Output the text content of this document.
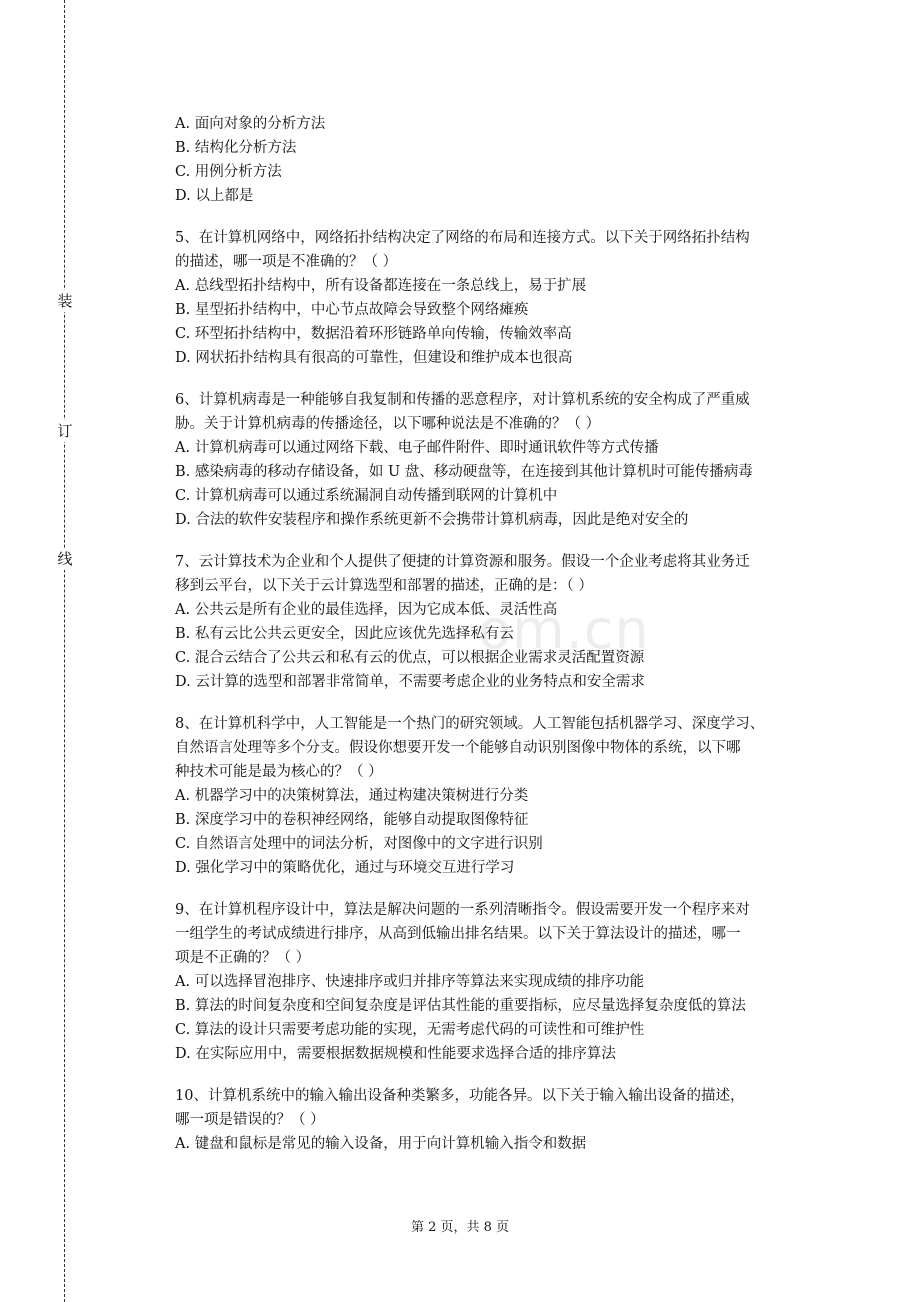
装
订
线
om.cn
A. 面向对象的分析方法
B. 结构化分析方法
C. 用例分析方法
D. 以上都是
5、在计算机网络中，网络拓扑结构决定了网络的布局和连接方式。以下关于网络拓扑结构
的描述，哪一项是不准确的？（ ）
A. 总线型拓扑结构中，所有设备都连接在一条总线上，易于扩展
B. 星型拓扑结构中，中心节点故障会导致整个网络瘫痪
C. 环型拓扑结构中，数据沿着环形链路单向传输，传输效率高
D. 网状拓扑结构具有很高的可靠性，但建设和维护成本也很高
6、计算机病毒是一种能够自我复制和传播的恶意程序，对计算机系统的安全构成了严重威
胁。关于计算机病毒的传播途径，以下哪种说法是不准确的？（ ）
A. 计算机病毒可以通过网络下载、电子邮件附件、即时通讯软件等方式传播
B. 感染病毒的移动存储设备，如 U 盘、移动硬盘等，在连接到其他计算机时可能传播病毒
C. 计算机病毒可以通过系统漏洞自动传播到联网的计算机中
D. 合法的软件安装程序和操作系统更新不会携带计算机病毒，因此是绝对安全的
7、云计算技术为企业和个人提供了便捷的计算资源和服务。假设一个企业考虑将其业务迁
移到云平台，以下关于云计算选型和部署的描述，正确的是：（ ）
A. 公共云是所有企业的最佳选择，因为它成本低、灵活性高
B. 私有云比公共云更安全，因此应该优先选择私有云
C. 混合云结合了公共云和私有云的优点，可以根据企业需求灵活配置资源
D. 云计算的选型和部署非常简单，不需要考虑企业的业务特点和安全需求
8、在计算机科学中，人工智能是一个热门的研究领域。人工智能包括机器学习、深度学习、
自然语言处理等多个分支。假设你想要开发一个能够自动识别图像中物体的系统，以下哪
种技术可能是最为核心的？（ ）
A. 机器学习中的决策树算法，通过构建决策树进行分类
B. 深度学习中的卷积神经网络，能够自动提取图像特征
C. 自然语言处理中的词法分析，对图像中的文字进行识别
D. 强化学习中的策略优化，通过与环境交互进行学习
9、在计算机程序设计中，算法是解决问题的一系列清晰指令。假设需要开发一个程序来对
一组学生的考试成绩进行排序，从高到低输出排名结果。以下关于算法设计的描述，哪一
项是不正确的？（ ）
A. 可以选择冒泡排序、快速排序或归并排序等算法来实现成绩的排序功能
B. 算法的时间复杂度和空间复杂度是评估其性能的重要指标，应尽量选择复杂度低的算法
C. 算法的设计只需要考虑功能的实现，无需考虑代码的可读性和可维护性
D. 在实际应用中，需要根据数据规模和性能要求选择合适的排序算法
10、计算机系统中的输入输出设备种类繁多，功能各异。以下关于输入输出设备的描述，
哪一项是错误的？（ ）
A. 键盘和鼠标是常见的输入设备，用于向计算机输入指令和数据
第 2 页，共 8 页
